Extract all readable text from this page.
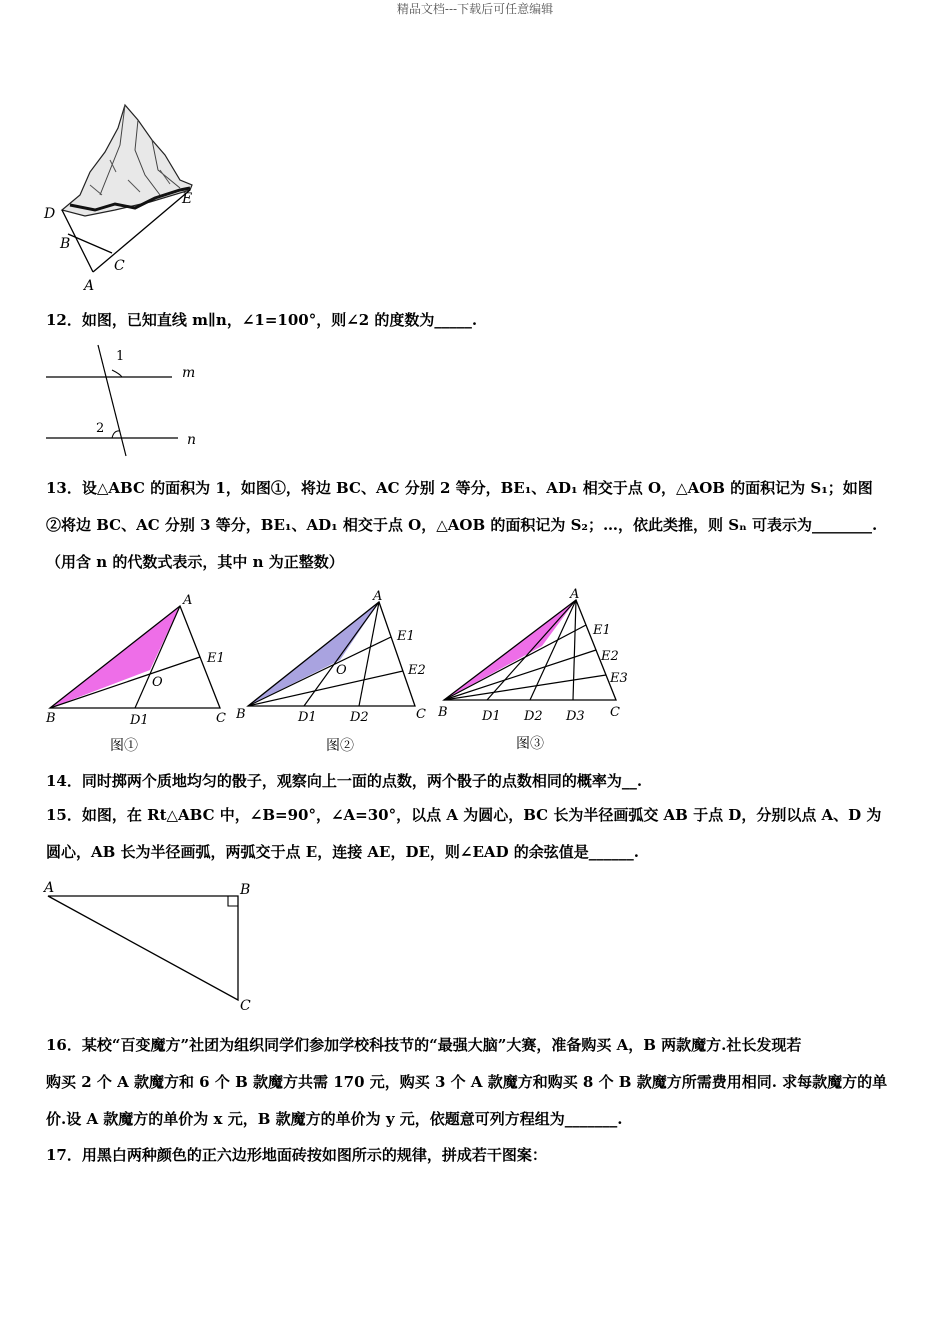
精品文档---下载后可任意编辑
D
E
B
C
A
12．如图，已知直线 m∥n，∠1=100°，则∠2 的度数为_____.
1
m
2
n
13．设△ABC 的面积为 1，如图①，将边 BC、AC 分别 2 等分，BE₁、AD₁ 相交于点 O，△AOB 的面积记为 S₁；如图
②将边 BC、AC 分别 3 等分，BE₁、AD₁ 相交于点 O，△AOB 的面积记为 S₂；…，依此类推，则 Sₙ 可表示为________.
（用含 n 的代数式表示，其中 n 为正整数）
A
E1
O
B	D1	C
图①
A
E1
E2
O
B	D1	D2	C
图②
A
E1
E2
E3
B	D1 D2 D3 C
图③
14．同时掷两个质地均匀的骰子，观察向上一面的点数，两个骰子的点数相同的概率为__.
15．如图，在 Rt△ABC 中，∠B=90°，∠A=30°，以点 A 为圆心，BC 长为半径画弧交 AB 于点 D，分别以点 A、D 为
圆心，AB 长为半径画弧，两弧交于点 E，连接 AE，DE，则∠EAD 的余弦值是______.
A	B
C
16．某校“百变魔方”社团为组织同学们参加学校科技节的“最强大脑”大赛，准备购买 A，B 两款魔方.社长发现若
购买 2 个 A 款魔方和 6 个 B 款魔方共需 170 元，购买 3 个 A 款魔方和购买 8 个 B 款魔方所需费用相同. 求每款魔方的单
价.设 A 款魔方的单价为 x 元，B 款魔方的单价为 y 元，依题意可列方程组为_______.
17．用黑白两种颜色的正六边形地面砖按如图所示的规律，拼成若干图案：
